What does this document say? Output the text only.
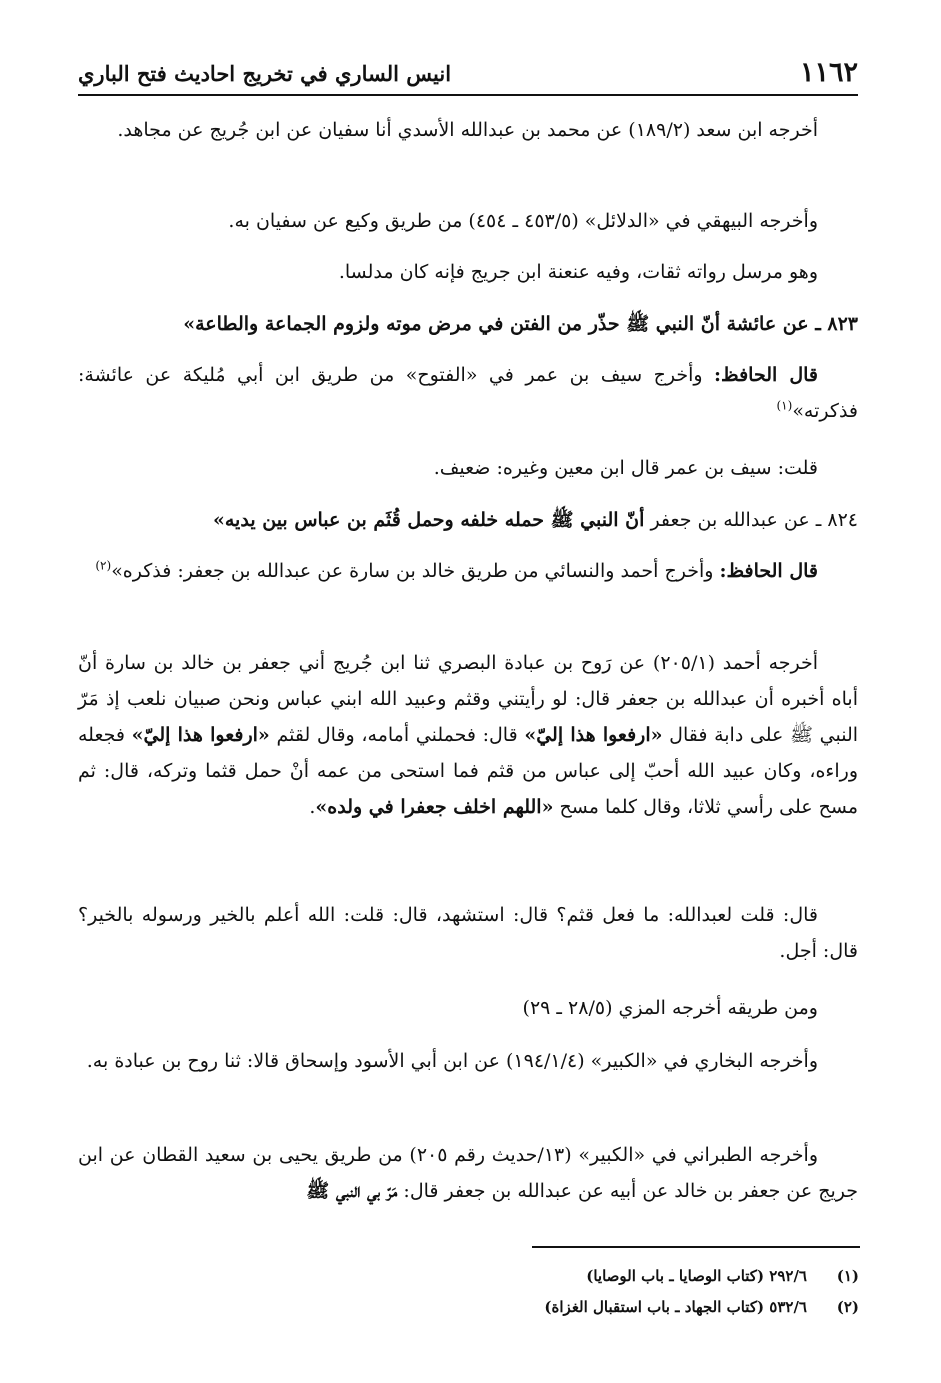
١١٦٢
انيس الساري في تخريج احاديث فتح الباري

أخرجه ابن سعد (١٨٩/٢) عن محمد بن عبدالله الأسدي أنا سفيان عن ابن جُريج عن مجاهد.

وأخرجه البيهقي في «الدلائل» (٤٥٣/٥ ـ ٤٥٤) من طريق وكيع عن سفيان به.

وهو مرسل رواته ثقات، وفيه عنعنة ابن جريج فإنه كان مدلسا.

٨٢٣ ـ عن عائشة أنّ النبي ﷺ حذّر من الفتن في مرض موته ولزوم الجماعة والطاعة»

قال الحافظ: وأخرج سيف بن عمر في «الفتوح» من طريق ابن أبي مُليكة عن عائشة: فذكرته»$^{(١)}$

قلت: سيف بن عمر قال ابن معين وغيره: ضعيف.

٨٢٤ ـ عن عبدالله بن جعفر أنّ النبي ﷺ حمله خلفه وحمل قُثَم بن عباس بين يديه»

قال الحافظ: وأخرج أحمد والنسائي من طريق خالد بن سارة عن عبدالله بن جعفر: فذكره»$^{(٢)}$

أخرجه أحمد (٢٠٥/١) عن رَوح بن عبادة البصري ثنا ابن جُريج أني جعفر بن خالد بن سارة أنّ أباه أخبره أن عبدالله بن جعفر قال: لو رأيتني وقثم وعبيد الله ابني عباس ونحن صبيان نلعب إذ مَرّ النبي ﷺ على دابة فقال «ارفعوا هذا إليّ» قال: فحملني أمامه، وقال لقثم «ارفعوا هذا إليّ» فجعله وراءه، وكان عبيد الله أحبّ إلى عباس من قثم فما استحى من عمه أنْ حمل قثما وتركه، قال: ثم مسح على رأسي ثلاثا، وقال كلما مسح «اللهم اخلف جعفرا في ولده».

قال: قلت لعبدالله: ما فعل قثم؟ قال: استشهد، قال: قلت: الله أعلم بالخير ورسوله بالخير؟ قال: أجل.

ومن طريقه أخرجه المزي (٢٨/٥ ـ ٢٩)

وأخرجه البخاري في «الكبير» (١٩٤/١/٤) عن ابن أبي الأسود وإسحاق قالا: ثنا روح بن عبادة به.

وأخرجه الطبراني في «الكبير» (١٣/حديث رقم ٢٠٥) من طريق يحيى بن سعيد القطان عن ابن جريج عن جعفر بن خالد عن أبيه عن عبدالله بن جعفر قال: مَرّ بي النبي ﷺ

(١)٢٩٢/٦ (كتاب الوصايا ـ باب الوصايا)
(٢)٥٣٢/٦ (كتاب الجهاد ـ باب استقبال الغزاة)
